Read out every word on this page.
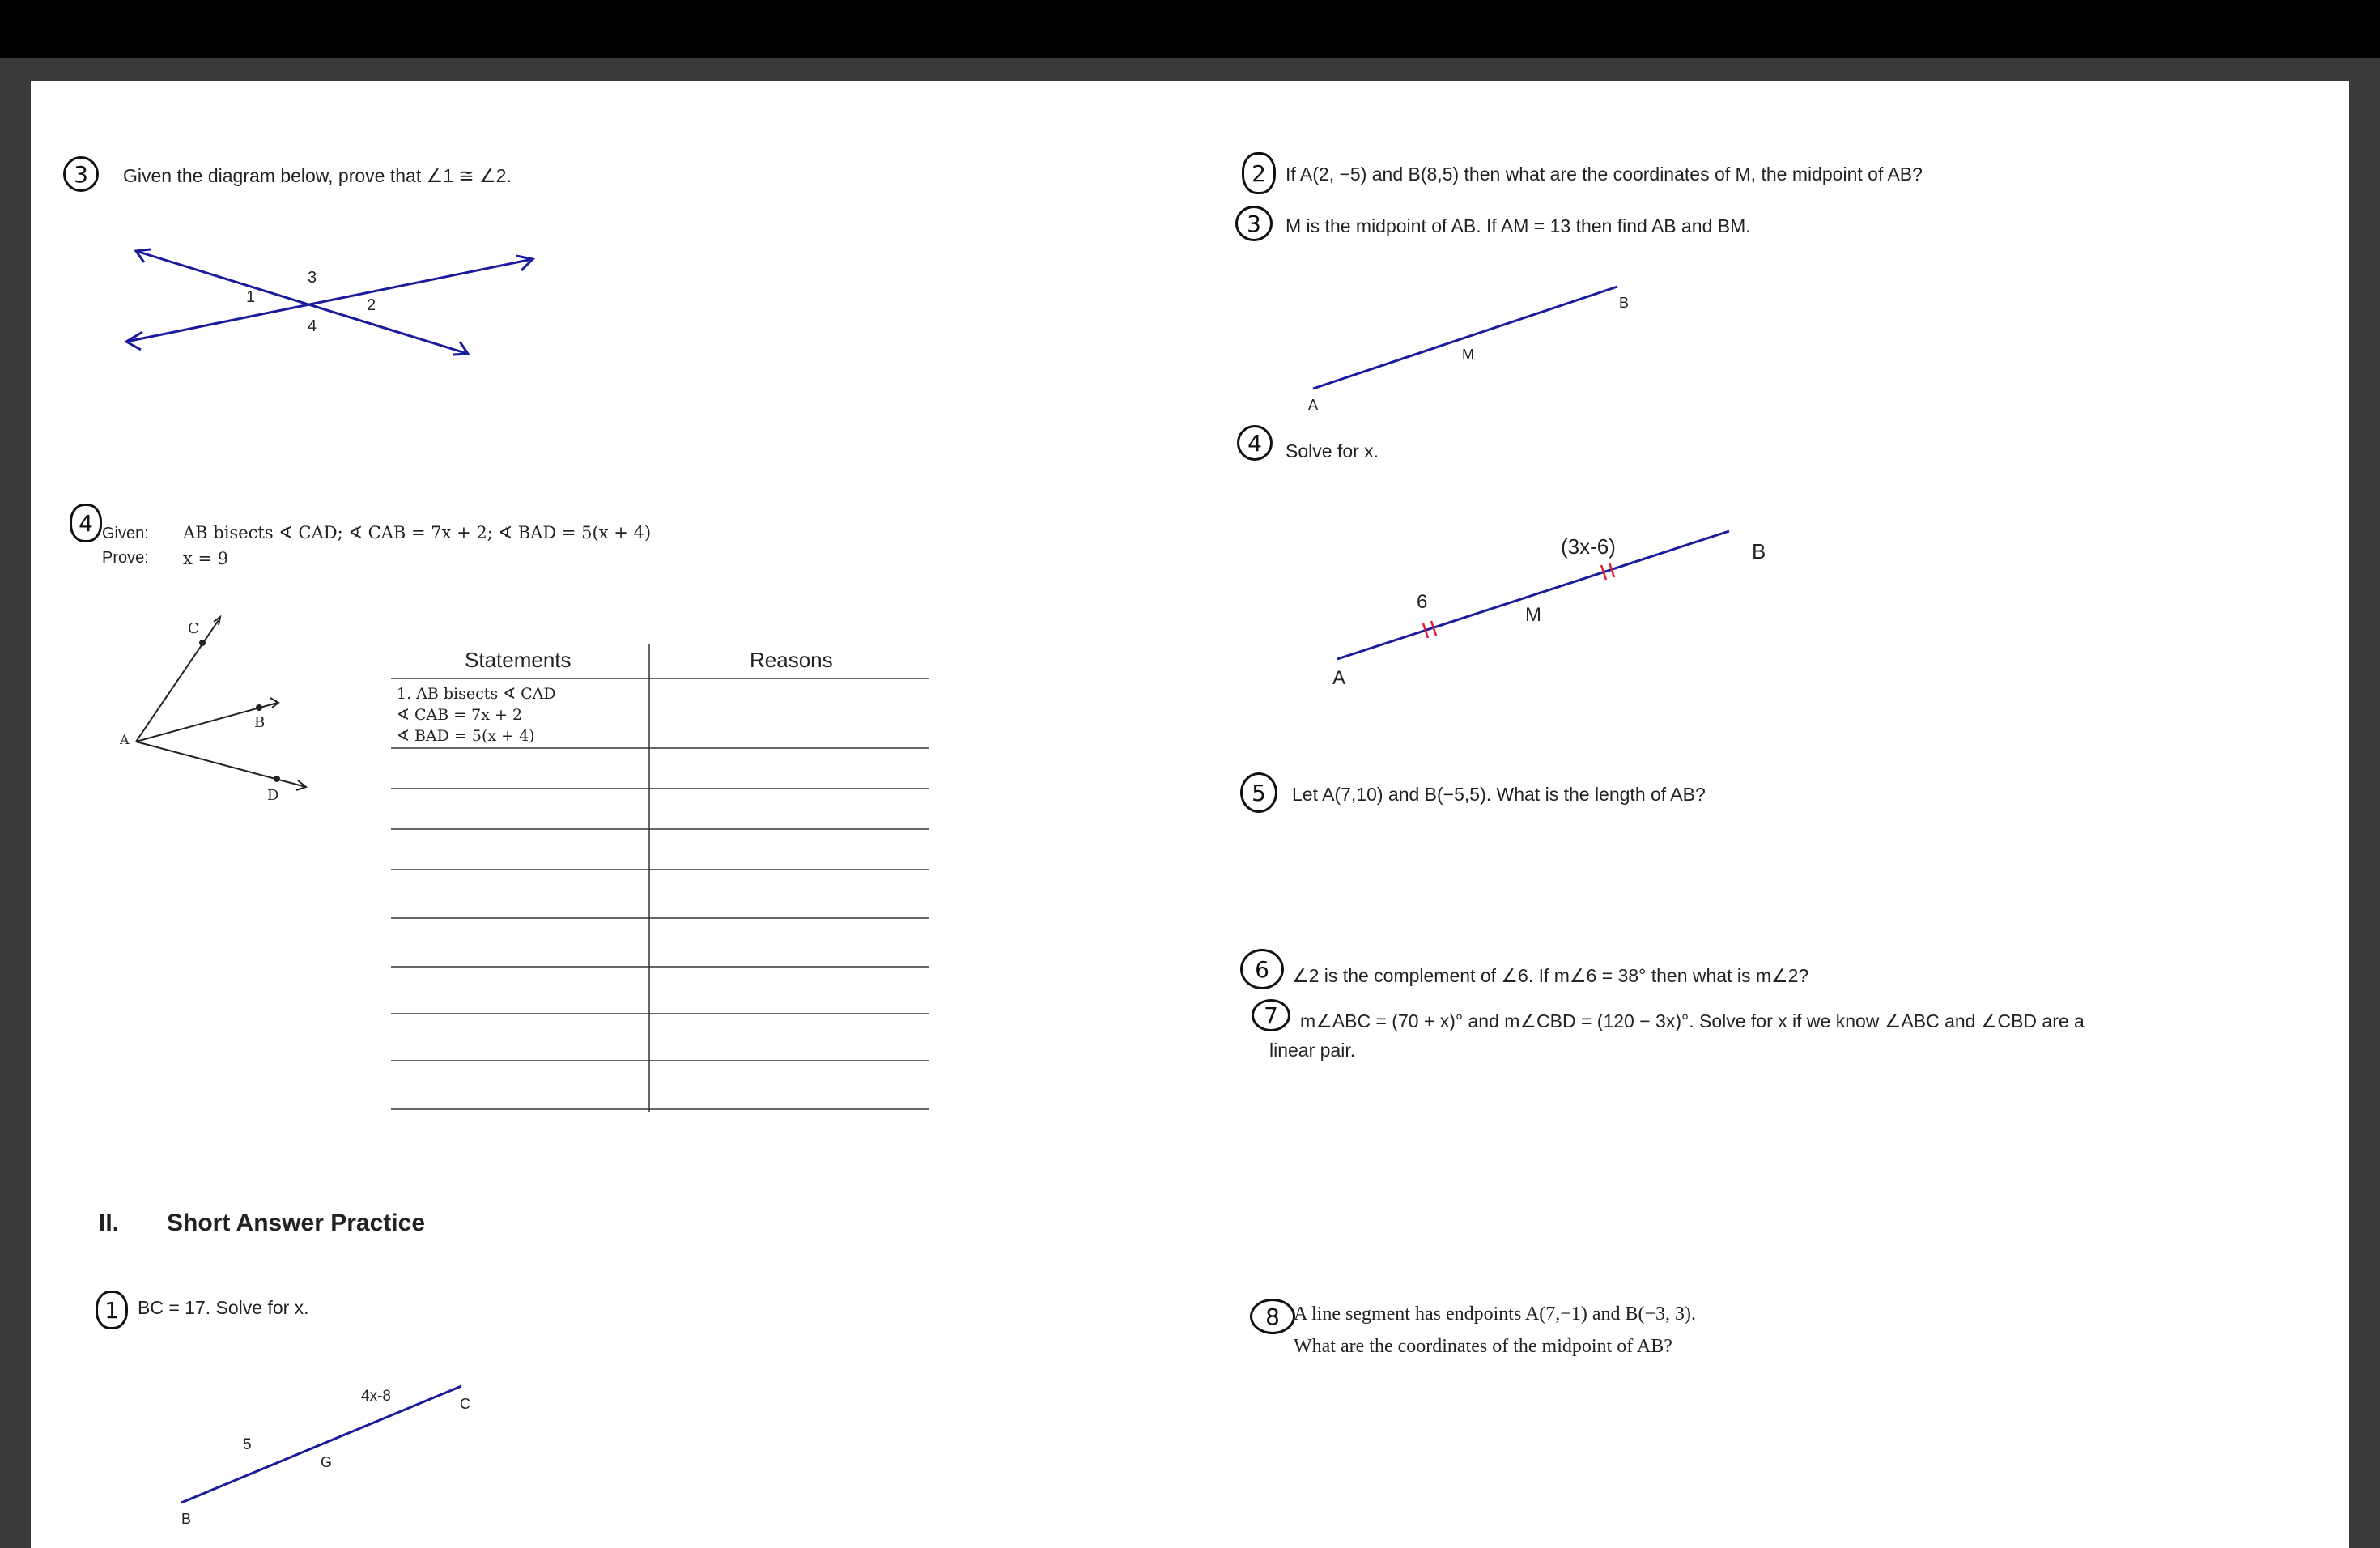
3	Given the diagram below, prove that ∠1 ≅ ∠2.
1	2
3
4
4 Given: AB bisects ∢ CAD; ∢ CAB = 7x + 2; ∢ BAD = 5(x + 4)
Prove: x = 9
C
B
A
D
Statements	Reasons
1. AB bisects ∢ CAD
∢ CAB = 7x + 2
∢ BAD = 5(x + 4)
II. Short Answer Practice
1	BC = 17. Solve for x.
4x-8	C
5
G
B
2	If A(2, −5) and B(8,5) then what are the coordinates of M, the midpoint of AB?
3	M is the midpoint of AB. If AM = 13 then find AB and BM.
B
M
A
4	Solve for x.
(3x-6)	B
6
M
A
5	Let A(7,10) and B(−5,5). What is the length of AB?
6	∠2 is the complement of ∠6. If m∠6 = 38° then what is m∠2?
7	m∠ABC = (70 + x)° and m∠CBD = (120 − 3x)°. Solve for x if we know ∠ABC and ∠CBD are a
linear pair.
8 A line segment has endpoints A(7,−1) and B(−3, 3).
What are the coordinates of the midpoint of AB?
